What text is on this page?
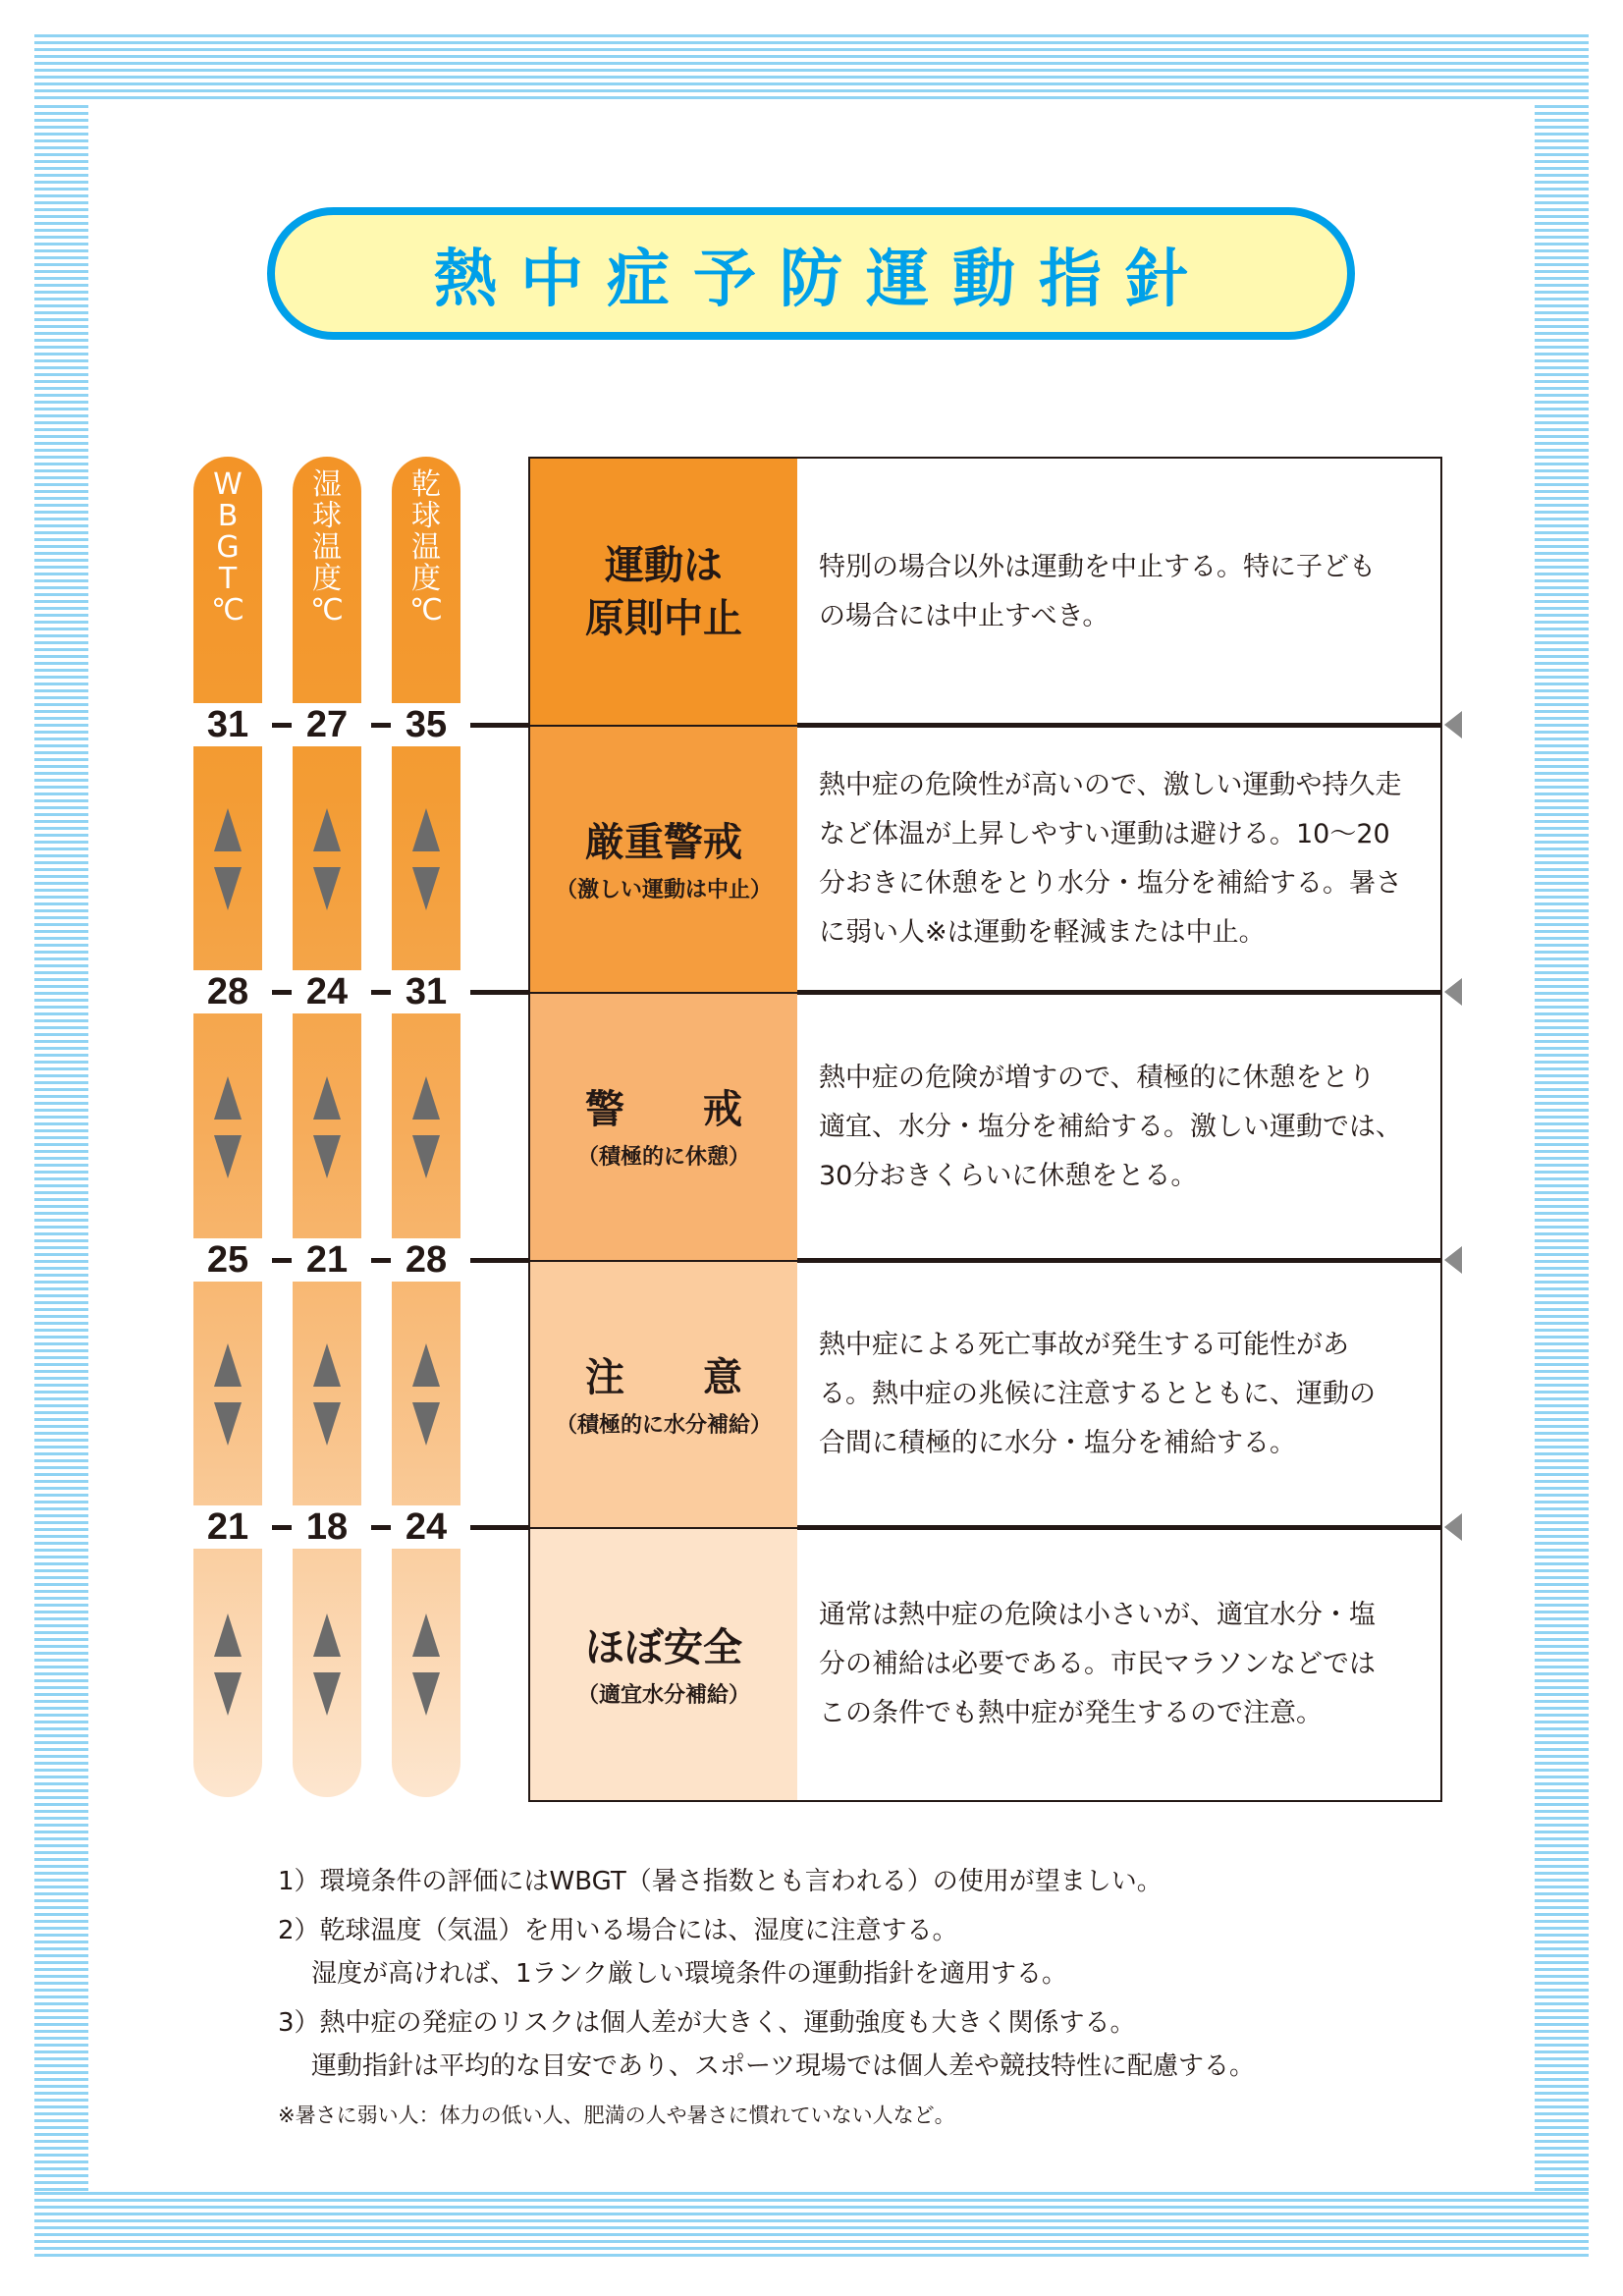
熱中症予防運動指針
W
B
G
T
℃
31
28
25
21
湿
球
温
度
℃
27
24
21
18
乾
球
温
度
℃
35
31
28
24
運動は
原則中止
特別の場合以外は運動を中止する。特に子ども
の場合には中止すべき。
厳重警戒
（激しい運動は中止）
熱中症の危険性が高いので、激しい運動や持久走
など体温が上昇しやすい運動は避ける。10〜20
分おきに休憩をとり水分・塩分を補給する。暑さ
に弱い人※は運動を軽減または中止。
警　　戒
（積極的に休憩）
熱中症の危険が増すので、積極的に休憩をとり
適宜、水分・塩分を補給する。激しい運動では、
30分おきくらいに休憩をとる。
注　　意
（積極的に水分補給）
熱中症による死亡事故が発生する可能性があ
る。熱中症の兆候に注意するとともに、運動の
合間に積極的に水分・塩分を補給する。
ほぼ安全
（適宜水分補給）
通常は熱中症の危険は小さいが、適宜水分・塩
分の補給は必要である。市民マラソンなどでは
この条件でも熱中症が発生するので注意。
1）環境条件の評価にはWBGT（暑さ指数とも言われる）の使用が望ましい。
2）乾球温度（気温）を用いる場合には、湿度に注意する。
湿度が高ければ、1ランク厳しい環境条件の運動指針を適用する。
3）熱中症の発症のリスクは個人差が大きく、運動強度も大きく関係する。
運動指針は平均的な目安であり、スポーツ現場では個人差や競技特性に配慮する。
※暑さに弱い人：体力の低い人、肥満の人や暑さに慣れていない人など。
